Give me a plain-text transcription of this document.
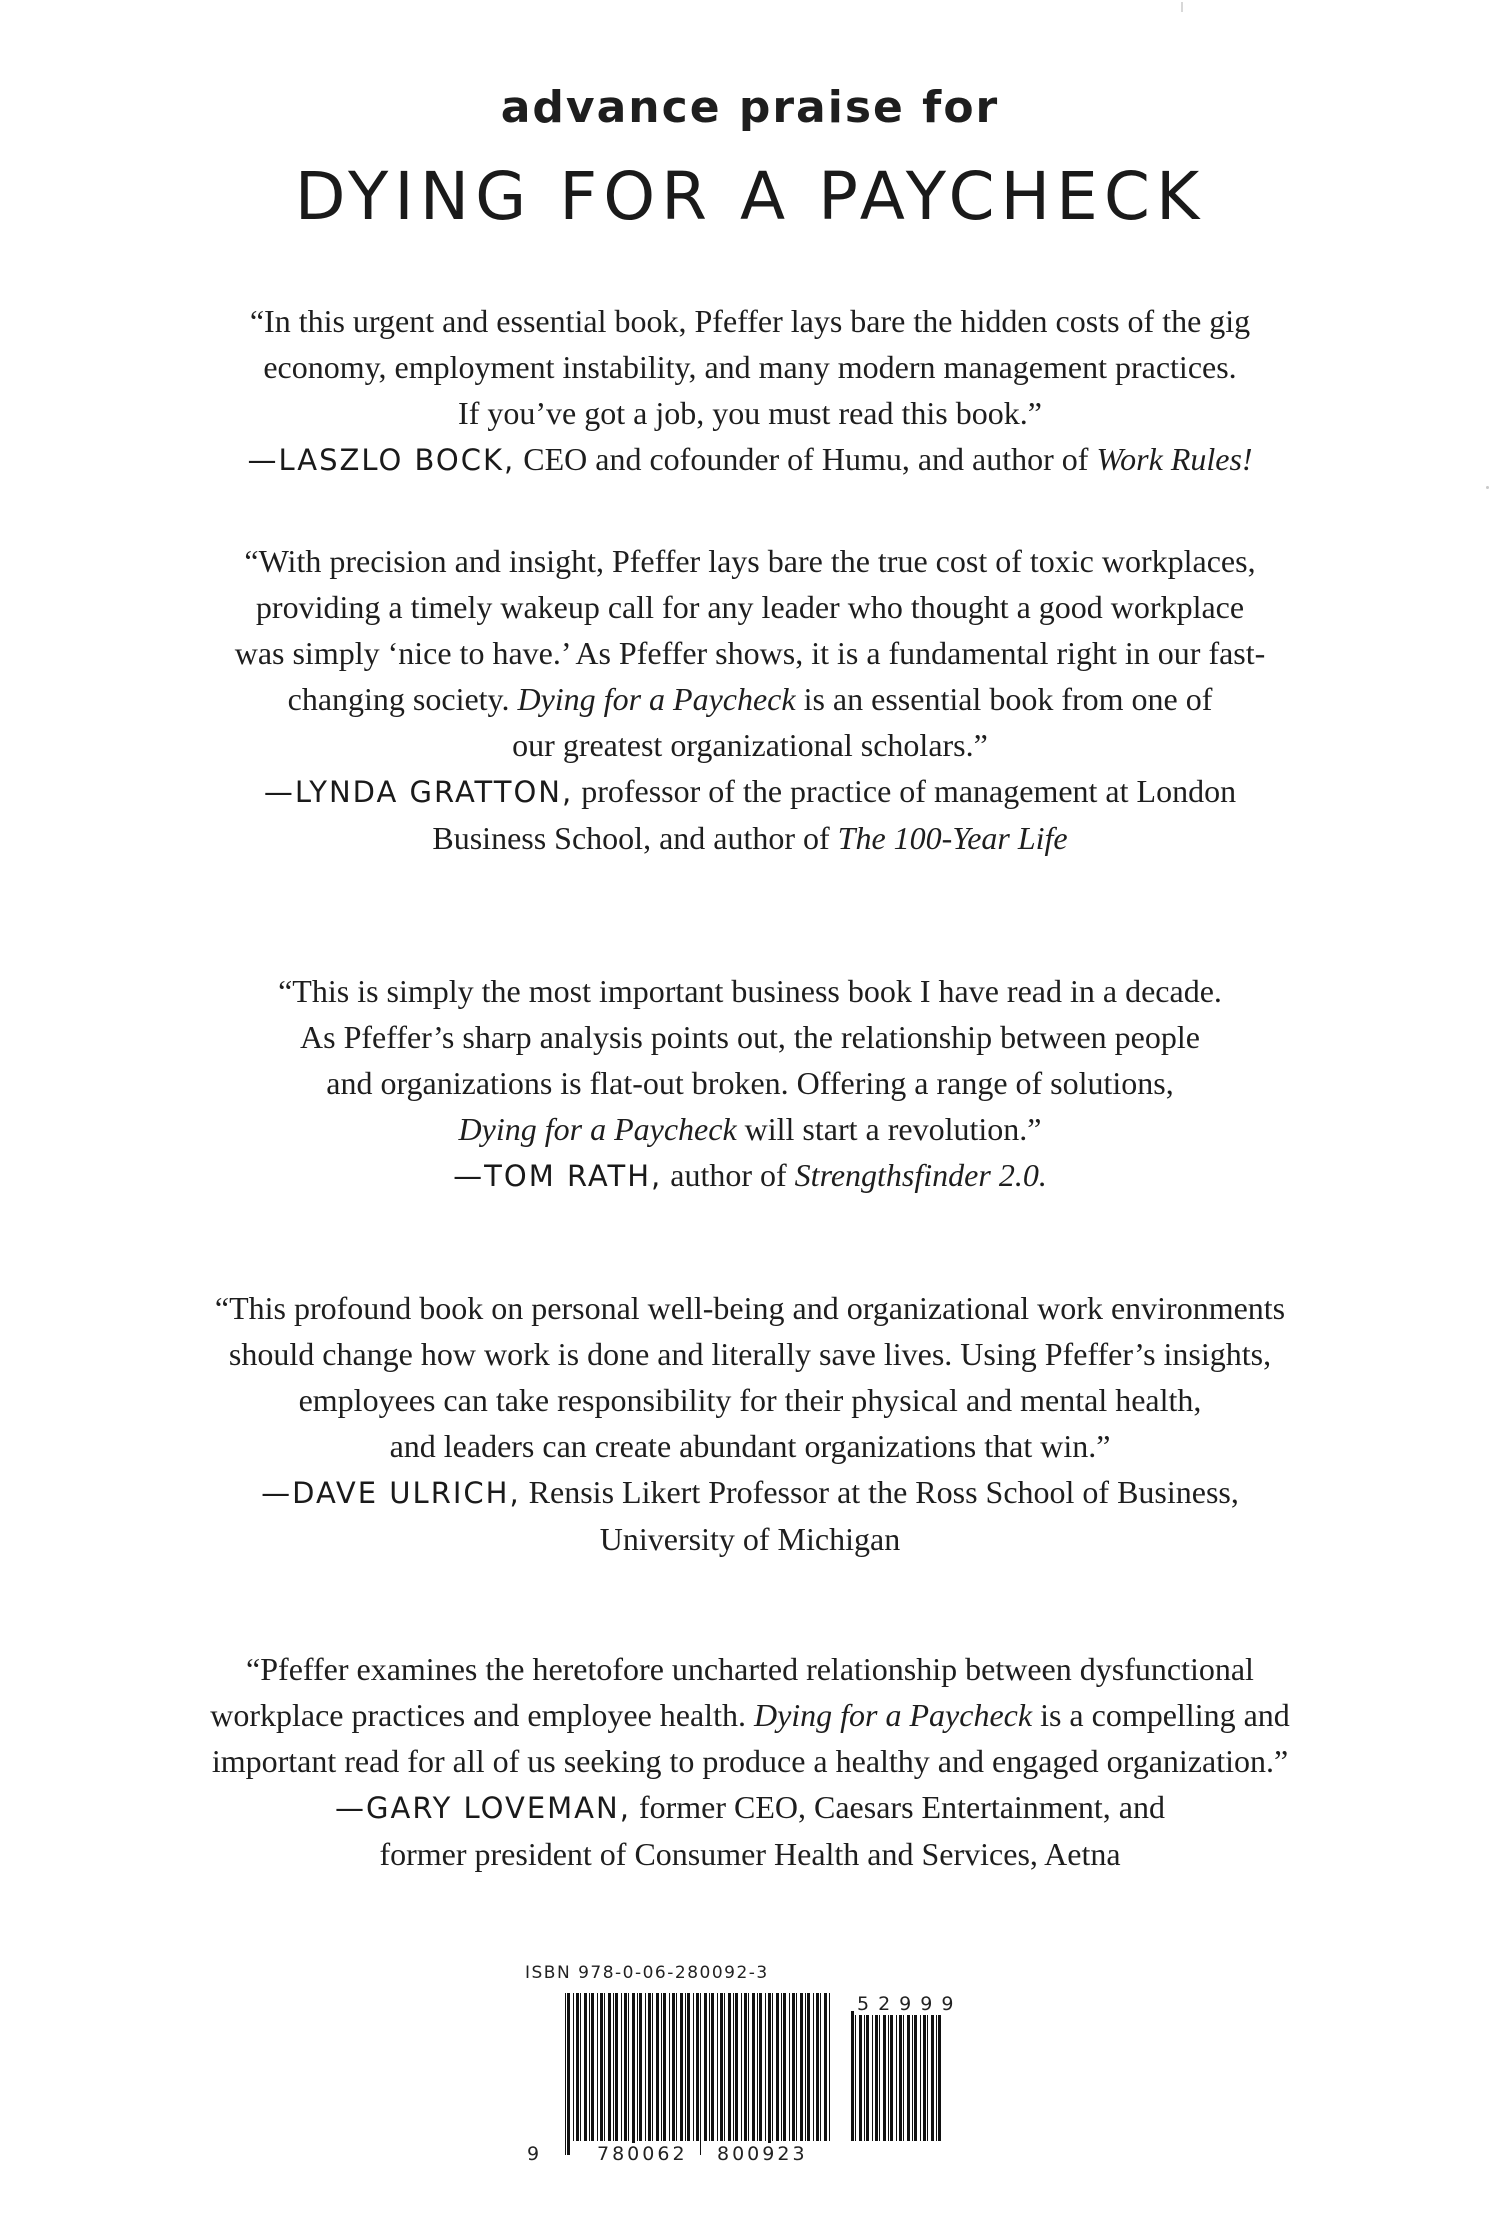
advance praise for
DYING FOR A PAYCHECK
“In this urgent and essential book, Pfeffer lays bare the hidden costs of the gig
economy, employment instability, and many modern management practices.
If you’ve got a job, you must read this book.”
—LASZLO BOCK, CEO and cofounder of Humu, and author of Work Rules!
“With precision and insight, Pfeffer lays bare the true cost of toxic workplaces,
providing a timely wakeup call for any leader who thought a good workplace
was simply ‘nice to have.’ As Pfeffer shows, it is a fundamental right in our fast-
changing society. Dying for a Paycheck is an essential book from one of
our greatest organizational scholars.”
—LYNDA GRATTON, professor of the practice of management at London
Business School, and author of The 100-Year Life
“This is simply the most important business book I have read in a decade.
As Pfeffer’s sharp analysis points out, the relationship between people
and organizations is flat-out broken. Offering a range of solutions,
Dying for a Paycheck will start a revolution.”
—TOM RATH, author of Strengthsfinder 2.0.
“This profound book on personal well-being and organizational work environments
should change how work is done and literally save lives. Using Pfeffer’s insights,
employees can take responsibility for their physical and mental health,
and leaders can create abundant organizations that win.”
—DAVE ULRICH, Rensis Likert Professor at the Ross School of Business,
University of Michigan
“Pfeffer examines the heretofore uncharted relationship between dysfunctional
workplace practices and employee health. Dying for a Paycheck is a compelling and
important read for all of us seeking to produce a healthy and engaged organization.”
—GARY LOVEMAN, former CEO, Caesars Entertainment, and
former president of Consumer Health and Services, Aetna
ISBN 978-0-06-280092-3
9	780062 800923
52999
